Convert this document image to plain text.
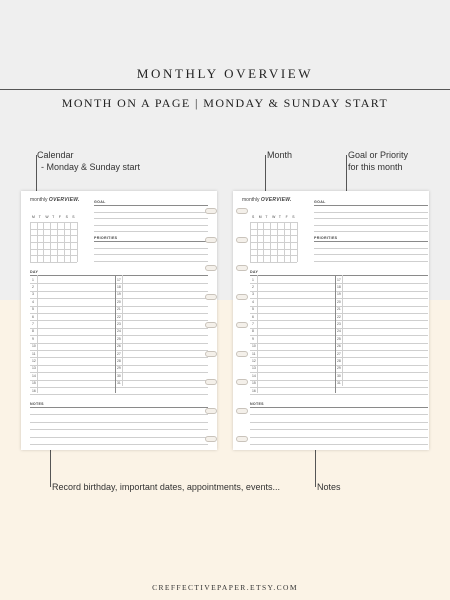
MONTHLY OVERVIEW
MONTH ON A PAGE | MONDAY & SUNDAY START
Calendar
- Monday & Sunday start
Month	Goal or Priority
for this month
Record birthday, important dates, appointments, events...	Notes
monthly OVERVIEW.	GOAL
PRIORITIES
DAY
NOTES
M T W T F S S
1	17
2	18
3	19
4	20
5	21
6	22
7	23
8	24
9	25
10	26
11	27
12	28
13	29
14	30
15	31
16
monthly OVERVIEW.	GOAL
PRIORITIES
DAY
NOTES
S M T W T F S
1	17
2	18
3	19
4	20
5	21
6	22
7	23
8	24
9	25
10	26
11	27
12	28
13	29
14	30
15	31
16
CREFFECTIVEPAPER.ETSY.COM
